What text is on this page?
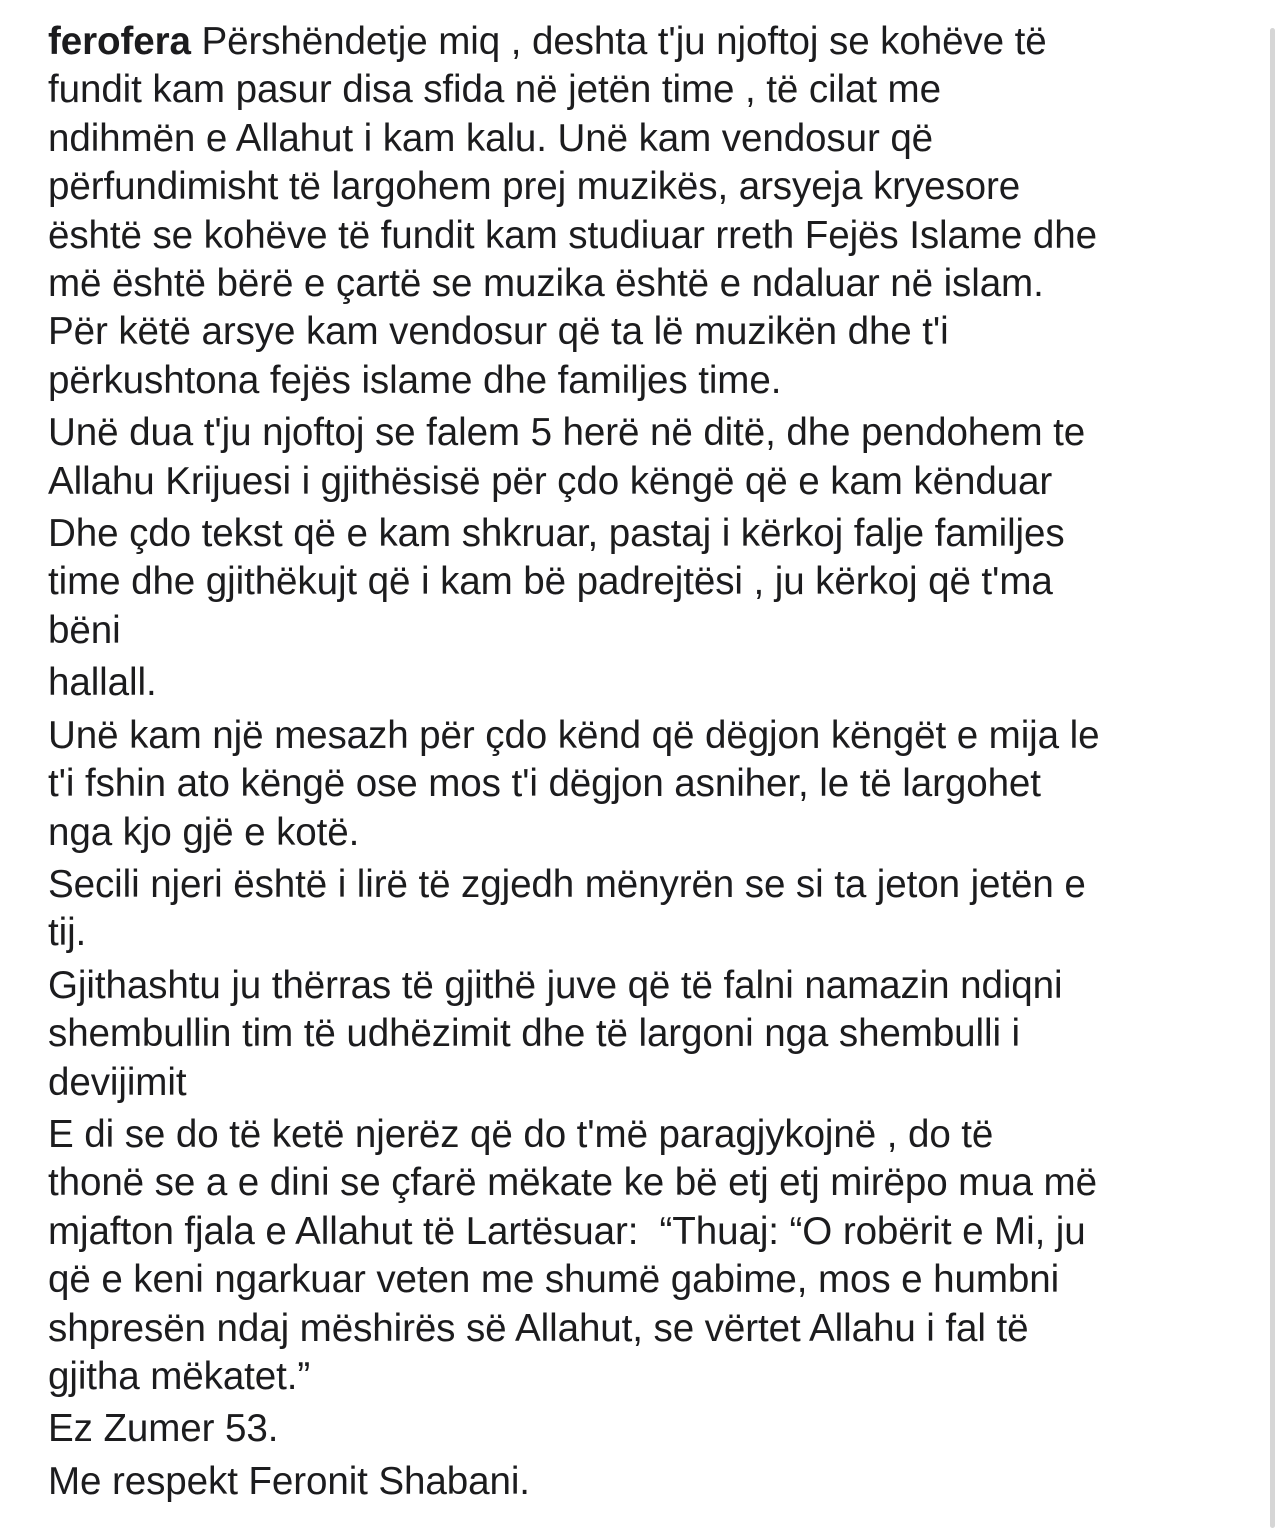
ferofera Përshëndetje miq , deshta t'ju njoftoj se kohëve të
fundit kam pasur disa sfida në jetën time , të cilat me
ndihmën e Allahut i kam kalu. Unë kam vendosur që
përfundimisht të largohem prej muzikës, arsyeja kryesore
është se kohëve të fundit kam studiuar rreth Fejës Islame dhe
më është bërë e çartë se muzika është e ndaluar në islam.
Për këtë arsye kam vendosur që ta lë muzikën dhe t'i
përkushtona fejës islame dhe familjes time.

Unë dua t'ju njoftoj se falem 5 herë në ditë, dhe pendohem te
Allahu Krijuesi i gjithësisë për çdo këngë që e kam kënduar

Dhe çdo tekst që e kam shkruar, pastaj i kërkoj falje familjes
time dhe gjithëkujt që i kam bë padrejtësi , ju kërkoj që t'ma
bëni

hallall.

Unë kam një mesazh për çdo kënd që dëgjon këngët e mija le
t'i fshin ato këngë ose mos t'i dëgjon asniher, le të largohet
nga kjo gjë e kotë.

Secili njeri është i lirë të zgjedh mënyrën se si ta jeton jetën e
tij.

Gjithashtu ju thërras të gjithë juve që të falni namazin ndiqni
shembullin tim të udhëzimit dhe të largoni nga shembulli i
devijimit

E di se do të ketë njerëz që do t'më paragjykojnë , do të
thonë se a e dini se çfarë mëkate ke bë etj etj mirëpo mua më
mjafton fjala e Allahut të Lartësuar:  “Thuaj: “O robërit e Mi, ju
që e keni ngarkuar veten me shumë gabime, mos e humbni
shpresën ndaj mëshirës së Allahut, se vërtet Allahu i fal të
gjitha mëkatet.”

Ez Zumer 53.

Me respekt Feronit Shabani.
